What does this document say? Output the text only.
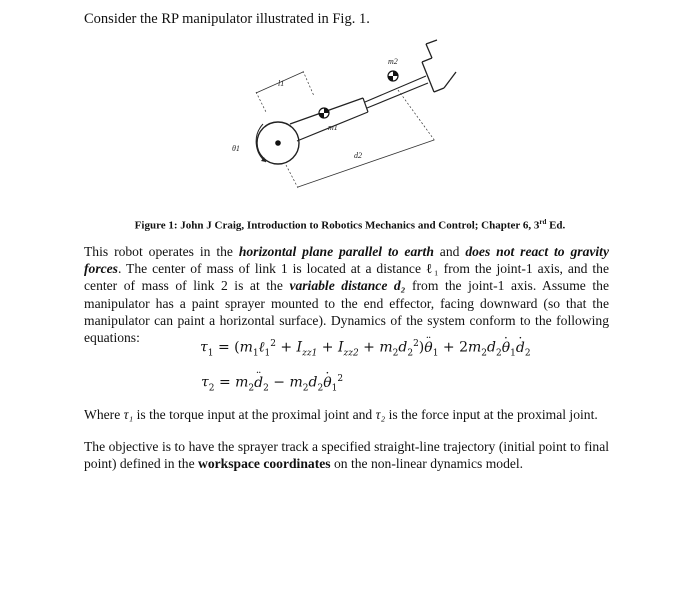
Consider the RP manipulator illustrated in Fig. 1.
θ1
m1
m2
l1
d2
Figure 1: John J Craig, Introduction to Robotics Mechanics and Control; Chapter 6, 3rd Ed.
This robot operates in the horizontal plane parallel to earth and does not react to gravity forces. The center of mass of link 1 is located at a distance ℓ₁ from the joint-1 axis, and the center of mass of link 2 is at the variable distance d₂ from the joint-1 axis. Assume the manipulator has a paint sprayer mounted to the end effector, facing downward (so that the manipulator can paint a horizontal surface). Dynamics of the system conform to the following equations:
$\tau_1$ = $(m_1\ell_1^2 + I_{zz1} + I_{zz2} + m_2d_2^2)\theta$ $¨_1 + 2m_2d_2\theta \cdot_1d \cdot_2$
$\tau_2 = m_2d$ $¨_2 - m_2d_2\theta \cdot_1^2$
Where τ₁ is the torque input at the proximal joint and τ₂ is the force input at the proximal joint.
The objective is to have the sprayer track a specified straight-line trajectory (initial point to final point) defined in the workspace coordinates on the non-linear dynamics model.
